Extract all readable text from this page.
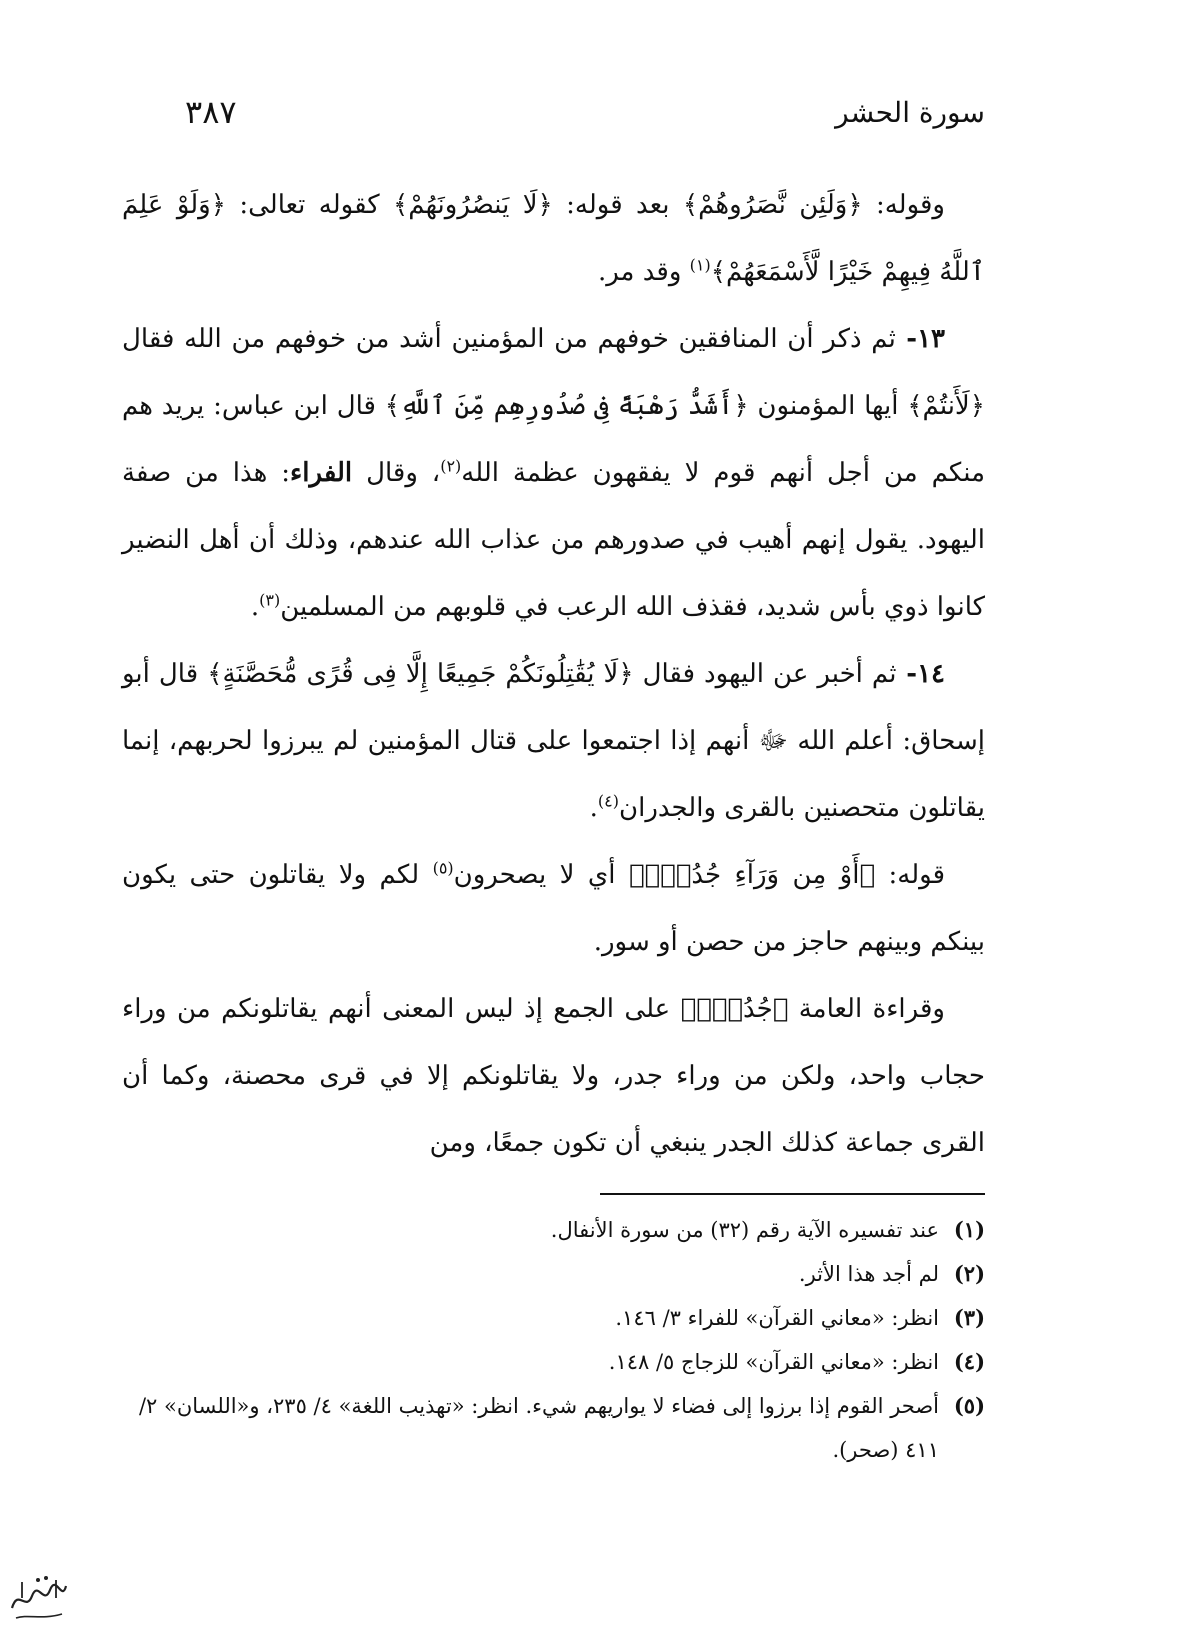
سورة الحشر
٣٨٧

وقوله: ﴿وَلَئِن نَّصَرُوهُمْ﴾ بعد قوله: ﴿لَا يَنصُرُونَهُمْ﴾ كقوله تعالى: ﴿وَلَوْ عَلِمَ ٱللَّهُ فِيهِمْ خَيْرًا لَّأَسْمَعَهُمْ﴾$^{(١)}$ وقد مر.

١٣- ثم ذكر أن المنافقين خوفهم من المؤمنين أشد من خوفهم من الله فقال ﴿لَأَنتُمْ﴾ أيها المؤمنون ﴿أَشَدُّ رَهْبَةً فِى صُدُورِهِم مِّنَ ٱللَّهِ﴾ قال ابن عباس: يريد هم منكم من أجل أنهم قوم لا يفقهون عظمة الله$^{(٢)}$، وقال الفراء: هذا من صفة اليهود. يقول إنهم أهيب في صدورهم من عذاب الله عندهم، وذلك أن أهل النضير كانوا ذوي بأس شديد، فقذف الله الرعب في قلوبهم من المسلمين$^{(٣)}$.

١٤- ثم أخبر عن اليهود فقال ﴿لَا يُقَٰتِلُونَكُمْ جَمِيعًا إِلَّا فِى قُرًى مُّحَصَّنَةٍ﴾ قال أبو إسحاق: أعلم الله ﷻ أنهم إذا اجتمعوا على قتال المؤمنين لم يبرزوا لحربهم، إنما يقاتلون متحصنين بالقرى والجدران$^{(٤)}$.

قوله: ﴿أَوْ مِن وَرَآءِ جُدُرٍۭ﴾ أي لا يصحرون$^{(٥)}$ لكم ولا يقاتلون حتى يكون بينكم وبينهم حاجز من حصن أو سور.

وقراءة العامة ﴿جُدُرٍۭ﴾ على الجمع إذ ليس المعنى أنهم يقاتلونكم من وراء حجاب واحد، ولكن من وراء جدر، ولا يقاتلونكم إلا في قرى محصنة، وكما أن القرى جماعة كذلك الجدر ينبغي أن تكون جمعًا، ومن

(١)
عند تفسيره الآية رقم (٣٢) من سورة الأنفال.

(٢)
لم أجد هذا الأثر.

(٣)
انظر: «معاني القرآن» للفراء ٣/ ١٤٦.

(٤)
انظر: «معاني القرآن» للزجاج ٥/ ١٤٨.

(٥)
أصحر القوم إذا برزوا إلى فضاء لا يواريهم شيء. انظر: «تهذيب اللغة» ٤/ ٢٣٥، و«اللسان» ٢/ ٤١١ (صحر).
